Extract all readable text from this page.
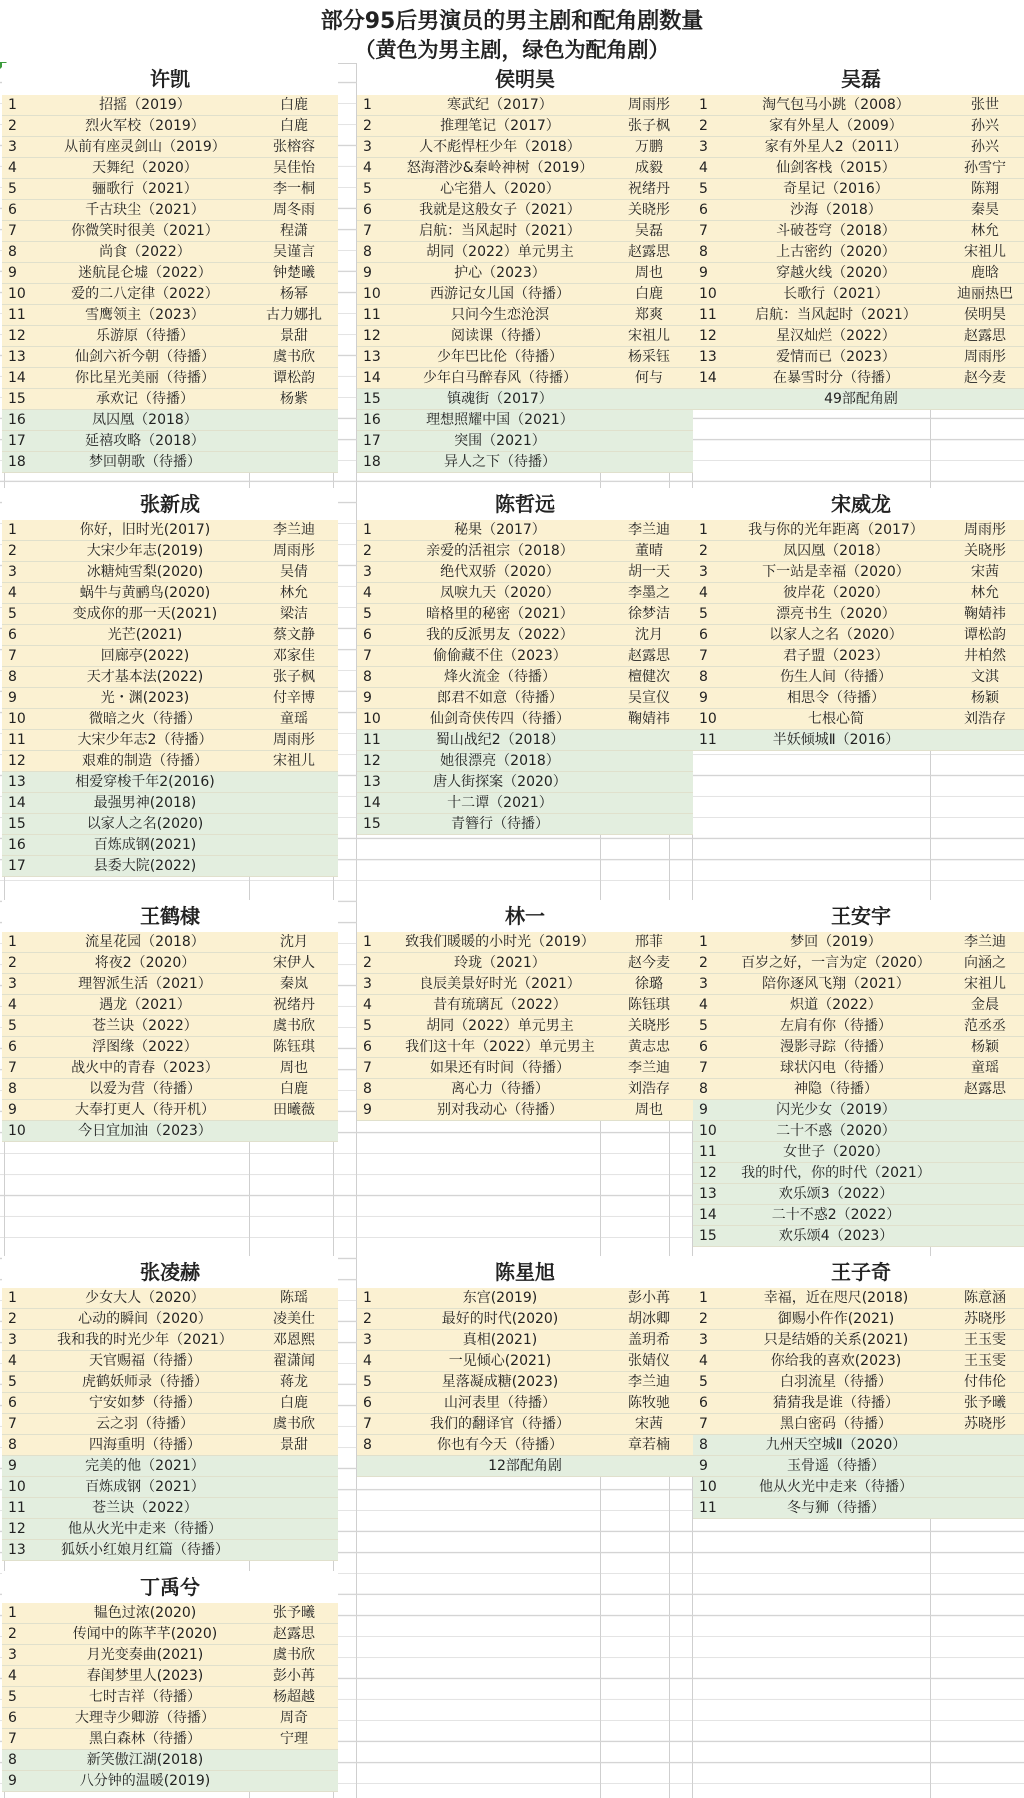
部分95后男演员的男主剧和配角剧数量
（黄色为男主剧，绿色为配角剧）
许凯
1	招摇（2019）	白鹿
2	烈火军校（2019）	白鹿
3	从前有座灵剑山（2019）	张榕容
4	天舞纪（2020）	吴佳怡
5	骊歌行（2021）	李一桐
6	千古玦尘（2021）	周冬雨
7	你微笑时很美（2021）	程潇
8	尚食（2022）	吴谨言
9	迷航昆仑墟（2022）	钟楚曦
10	爱的二八定律（2022）	杨幂
11	雪鹰领主（2023）	古力娜扎
12	乐游原（待播）	景甜
13	仙剑六祈今朝（待播）	虞书欣
14	你比星光美丽（待播）	谭松韵
15	承欢记（待播）	杨紫
16	凤囚凰（2018）
17	延禧攻略（2018）
18	梦回朝歌（待播）
侯明昊
1	寒武纪（2017）	周雨彤
2	推理笔记（2017）	张子枫
3	人不彪悍枉少年（2018）	万鹏
4	怒海潜沙&秦岭神树（2019）	成毅
5	心宅猎人（2020）	祝绪丹
6	我就是这般女子（2021）	关晓彤
7	启航：当风起时（2021）	吴磊
8	胡同（2022）单元男主	赵露思
9	护心（2023）	周也
10	西游记女儿国（待播）	白鹿
11	只问今生恋沧溟	郑爽
12	阅读课（待播）	宋祖儿
13	少年巴比伦（待播）	杨采钰
14	少年白马醉春风（待播）	何与
15	镇魂街（2017）
16	理想照耀中国（2021）
17	突围（2021）
18	异人之下（待播）
吴磊
1	淘气包马小跳（2008）	张世
2	家有外星人（2009）	孙兴
3	家有外星人2（2011）	孙兴
4	仙剑客栈（2015）	孙雪宁
5	奇星记（2016）	陈翔
6	沙海（2018）	秦昊
7	斗破苍穹（2018）	林允
8	上古密约（2020）	宋祖儿
9	穿越火线（2020）	鹿晗
10	长歌行（2021）	迪丽热巴
11	启航：当风起时（2021）	侯明昊
12	星汉灿烂（2022）	赵露思
13	爱情而已（2023）	周雨彤
14	在暴雪时分（待播）	赵今麦
49部配角剧
张新成
1	你好，旧时光(2017)	李兰迪
2	大宋少年志(2019)	周雨彤
3	冰糖炖雪梨(2020)	吴倩
4	蜗牛与黄鹂鸟(2020)	林允
5	变成你的那一天(2021)	梁洁
6	光芒(2021)	蔡文静
7	回廊亭(2022)	邓家佳
8	天才基本法(2022)	张子枫
9	光・渊(2023)	付辛博
10	微暗之火（待播）	童瑶
11	大宋少年志2（待播）	周雨彤
12	艰难的制造（待播）	宋祖儿
13	相爱穿梭千年2(2016)
14	最强男神(2018)
15	以家人之名(2020)
16	百炼成钢(2021)
17	县委大院(2022)
陈哲远
1	秘果（2017）	李兰迪
2	亲爱的活祖宗（2018）	董晴
3	绝代双骄（2020）	胡一天
4	凤唳九天（2020）	李墨之
5	暗格里的秘密（2021）	徐梦洁
6	我的反派男友（2022）	沈月
7	偷偷藏不住（2023）	赵露思
8	烽火流金（待播）	檀健次
9	郎君不如意（待播）	吴宣仪
10	仙剑奇侠传四（待播）	鞠婧祎
11	蜀山战纪2（2018）
12	她很漂亮（2018）
13	唐人街探案（2020）
14	十二谭（2021）
15	青簪行（待播）
宋威龙
1	我与你的光年距离（2017）	周雨彤
2	凤囚凰（2018）	关晓彤
3	下一站是幸福（2020）	宋茜
4	彼岸花（2020）	林允
5	漂亮书生（2020）	鞠婧祎
6	以家人之名（2020）	谭松韵
7	君子盟（2023）	井柏然
8	伤生人间（待播）	文淇
9	相思令（待播）	杨颖
10	七根心简	刘浩存
11	半妖倾城Ⅱ（2016）
王鹤棣
1	流星花园（2018）	沈月
2	将夜2（2020）	宋伊人
3	理智派生活（2021）	秦岚
4	遇龙（2021）	祝绪丹
5	苍兰诀（2022）	虞书欣
6	浮图缘（2022）	陈钰琪
7	战火中的青春（2023）	周也
8	以爱为营（待播）	白鹿
9	大奉打更人（待开机）	田曦薇
10	今日宜加油（2023）
林一
1	致我们暖暖的小时光（2019）	邢菲
2	玲珑（2021）	赵今麦
3	良辰美景好时光（2021）	徐璐
4	昔有琉璃瓦（2022）	陈钰琪
5	胡同（2022）单元男主	关晓彤
6	我们这十年（2022）单元男主	黄志忠
7	如果还有时间（待播）	李兰迪
8	离心力（待播）	刘浩存
9	别对我动心（待播）	周也
王安宇
1	梦回（2019）	李兰迪
2	百岁之好，一言为定（2020）	向涵之
3	陪你逐风飞翔（2021）	宋祖儿
4	炽道（2022）	金晨
5	左肩有你（待播）	范丞丞
6	漫影寻踪（待播）	杨颖
7	球状闪电（待播）	童瑶
8	神隐（待播）	赵露思
9	闪光少女（2019）
10	二十不惑（2020）
11	女世子（2020）
12	我的时代，你的时代（2021）
13	欢乐颂3（2022）
14	二十不惑2（2022）
15	欢乐颂4（2023）
张凌赫
1	少女大人（2020）	陈瑶
2	心动的瞬间（2020）	凌美仕
3	我和我的时光少年（2021）	邓恩熙
4	天官赐福（待播）	翟潇闻
5	虎鹤妖师录（待播）	蒋龙
6	宁安如梦（待播）	白鹿
7	云之羽（待播）	虞书欣
8	四海重明（待播）	景甜
9	完美的他（2021）
10	百炼成钢（2021）
11	苍兰诀（2022）
12	他从火光中走来（待播）
13	狐妖小红娘月红篇（待播）
陈星旭
1	东宫(2019)	彭小苒
2	最好的时代(2020)	胡冰卿
3	真相(2021)	盖玥希
4	一见倾心(2021)	张婧仪
5	星落凝成糖(2023)	李兰迪
6	山河表里（待播）	陈牧驰
7	我们的翻译官（待播）	宋茜
8	你也有今天（待播）	章若楠
12部配角剧
王子奇
1	幸福，近在咫尺(2018)	陈意涵
2	御赐小仵作(2021)	苏晓彤
3	只是结婚的关系(2021)	王玉雯
4	你给我的喜欢(2023)	王玉雯
5	白羽流星（待播）	付伟伦
6	猜猜我是谁（待播）	张予曦
7	黑白密码（待播）	苏晓彤
8	九州天空城Ⅱ（2020）
9	玉骨遥（待播）
10	他从火光中走来（待播）
11	冬与狮（待播）
丁禹兮
1	韫色过浓(2020)	张予曦
2	传闻中的陈芊芊(2020)	赵露思
3	月光变奏曲(2021)	虞书欣
4	春闺梦里人(2023)	彭小苒
5	七时吉祥（待播）	杨超越
6	大理寺少卿游（待播）	周奇
7	黑白森林（待播）	宁理
8	新笑傲江湖(2018)
9	八分钟的温暖(2019)
